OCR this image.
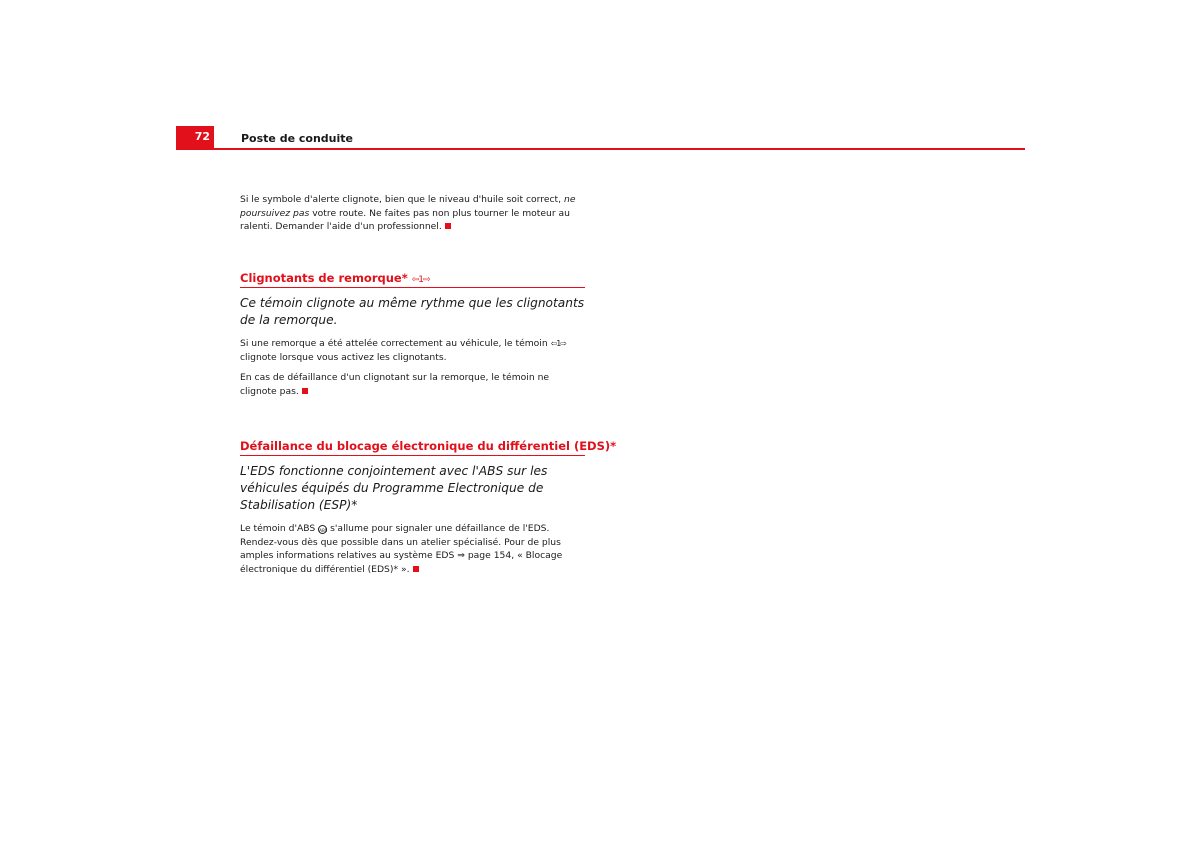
72	Poste de conduite

Si le symbole d'alerte clignote, bien que le niveau d'huile soit correct, ne poursuivez pas votre route. Ne faites pas non plus tourner le moteur au ralenti. Demander l'aide d'un professionnel.

Clignotants de remorque* ⇦1⇨

Ce témoin clignote au même rythme que les clignotants de la remorque.

Si une remorque a été attelée correctement au véhicule, le témoin ⇦1⇨ clignote lorsque vous activez les clignotants.

En cas de défaillance d'un clignotant sur la remorque, le témoin ne clignote pas.

Défaillance du blocage électronique du différentiel (EDS)*

L'EDS fonctionne conjointement avec l'ABS sur les véhicules équipés du Programme Electronique de Stabilisation (ESP)*

Le témoin d'ABS ABS s'allume pour signaler une défaillance de l'EDS. Rendez-vous dès que possible dans un atelier spécialisé. Pour de plus amples informations relatives au système EDS ⇒ page 154, « Blocage électronique du différentiel (EDS)* ».
